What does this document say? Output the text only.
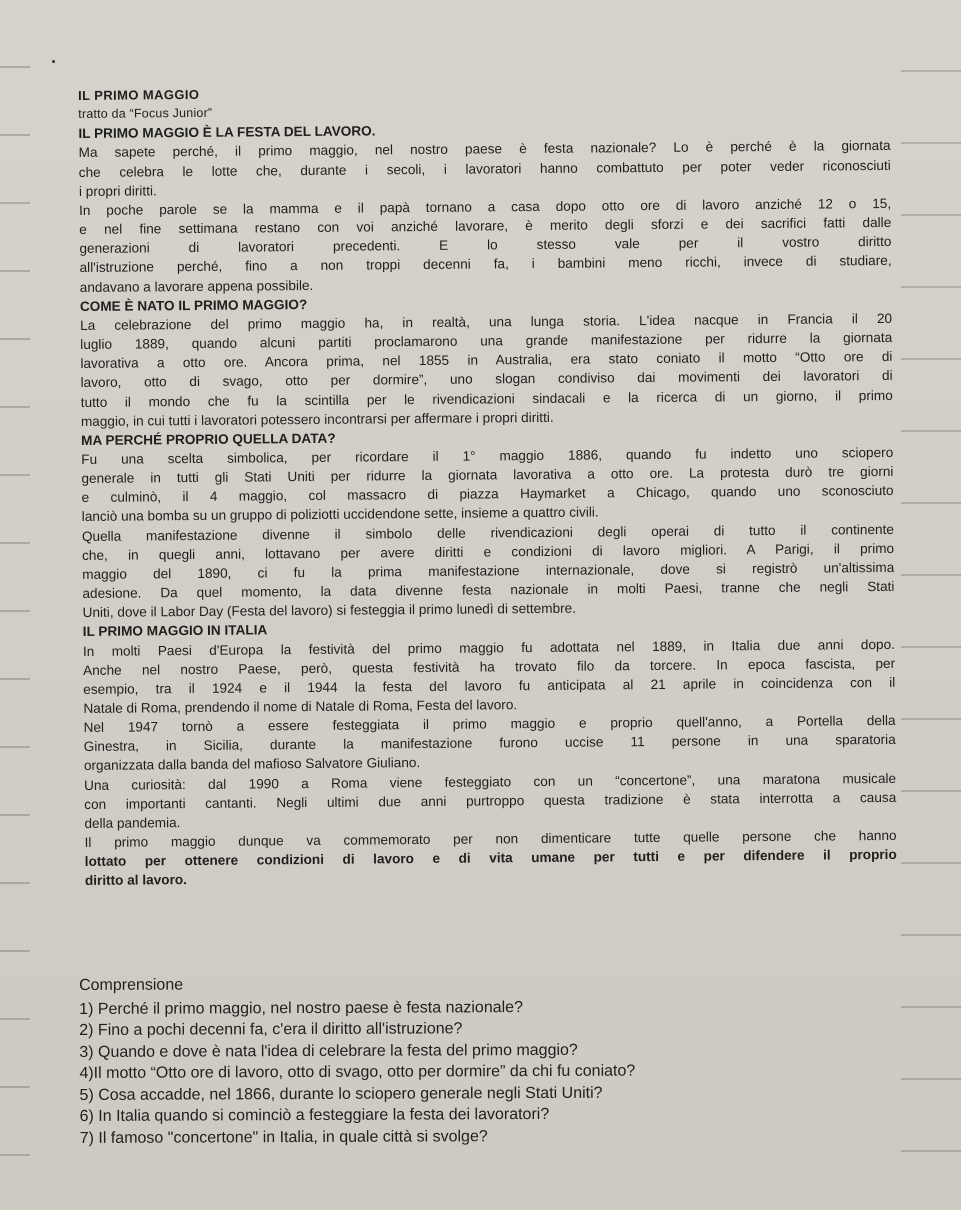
IL PRIMO MAGGIO
tratto da “Focus Junior”
IL PRIMO MAGGIO È LA FESTA DEL LAVORO.
Ma sapete perché, il primo maggio, nel nostro paese è festa nazionale? Lo è perché è la giornata
che celebra le lotte che, durante i secoli, i lavoratori hanno combattuto per poter veder riconosciuti
i propri diritti.
In poche parole se la mamma e il papà tornano a casa dopo otto ore di lavoro anziché 12 o 15,
e nel fine settimana restano con voi anziché lavorare, è merito degli sforzi e dei sacrifici fatti dalle
generazioni di lavoratori precedenti. E lo stesso vale per il vostro diritto
all'istruzione perché, fino a non troppi decenni fa, i bambini meno ricchi, invece di studiare,
andavano a lavorare appena possibile.
COME È NATO IL PRIMO MAGGIO?
La celebrazione del primo maggio ha, in realtà, una lunga storia. L'idea nacque in Francia il 20
luglio 1889, quando alcuni partiti proclamarono una grande manifestazione per ridurre la giornata
lavorativa a otto ore. Ancora prima, nel 1855 in Australia, era stato coniato il motto “Otto ore di
lavoro, otto di svago, otto per dormire”, uno slogan condiviso dai movimenti dei lavoratori di
tutto il mondo che fu la scintilla per le rivendicazioni sindacali e la ricerca di un giorno, il primo
maggio, in cui tutti i lavoratori potessero incontrarsi per affermare i propri diritti.
MA PERCHÉ PROPRIO QUELLA DATA?
Fu una scelta simbolica, per ricordare il 1° maggio 1886, quando fu indetto uno sciopero
generale in tutti gli Stati Uniti per ridurre la giornata lavorativa a otto ore. La protesta durò tre giorni
e culminò, il 4 maggio, col massacro di piazza Haymarket a Chicago, quando uno sconosciuto
lanciò una bomba su un gruppo di poliziotti uccidendone sette, insieme a quattro civili.
Quella manifestazione divenne il simbolo delle rivendicazioni degli operai di tutto il continente
che, in quegli anni, lottavano per avere diritti e condizioni di lavoro migliori. A Parigi, il primo
maggio del 1890, ci fu la prima manifestazione internazionale, dove si registrò un'altissima
adesione. Da quel momento, la data divenne festa nazionale in molti Paesi, tranne che negli Stati
Uniti, dove il Labor Day (Festa del lavoro) si festeggia il primo lunedì di settembre.
IL PRIMO MAGGIO IN ITALIA
In molti Paesi d'Europa la festività del primo maggio fu adottata nel 1889, in Italia due anni dopo.
Anche nel nostro Paese, però, questa festività ha trovato filo da torcere. In epoca fascista, per
esempio, tra il 1924 e il 1944 la festa del lavoro fu anticipata al 21 aprile in coincidenza con il
Natale di Roma, prendendo il nome di Natale di Roma, Festa del lavoro.
Nel 1947 tornò a essere festeggiata il primo maggio e proprio quell'anno, a Portella della
Ginestra, in Sicilia, durante la manifestazione furono uccise 11 persone in una sparatoria
organizzata dalla banda del mafioso Salvatore Giuliano.
Una curiosità: dal 1990 a Roma viene festeggiato con un “concertone”, una maratona musicale
con importanti cantanti. Negli ultimi due anni purtroppo questa tradizione è stata interrotta a causa
della pandemia.
Il primo maggio dunque va commemorato per non dimenticare tutte quelle persone che hanno
lottato per ottenere condizioni di lavoro e di vita umane per tutti e per difendere il proprio
diritto al lavoro.
Comprensione
1) Perché il primo maggio, nel nostro paese è festa nazionale?
2) Fino a pochi decenni fa, c'era il diritto all'istruzione?
3) Quando e dove è nata l'idea di celebrare la festa del primo maggio?
4)Il motto “Otto ore di lavoro, otto di svago, otto per dormire” da chi fu coniato?
5) Cosa accadde, nel 1866, durante lo sciopero generale negli Stati Uniti?
6) In Italia quando si cominciò a festeggiare la festa dei lavoratori?
7) Il famoso "concertone" in Italia, in quale città si svolge?
